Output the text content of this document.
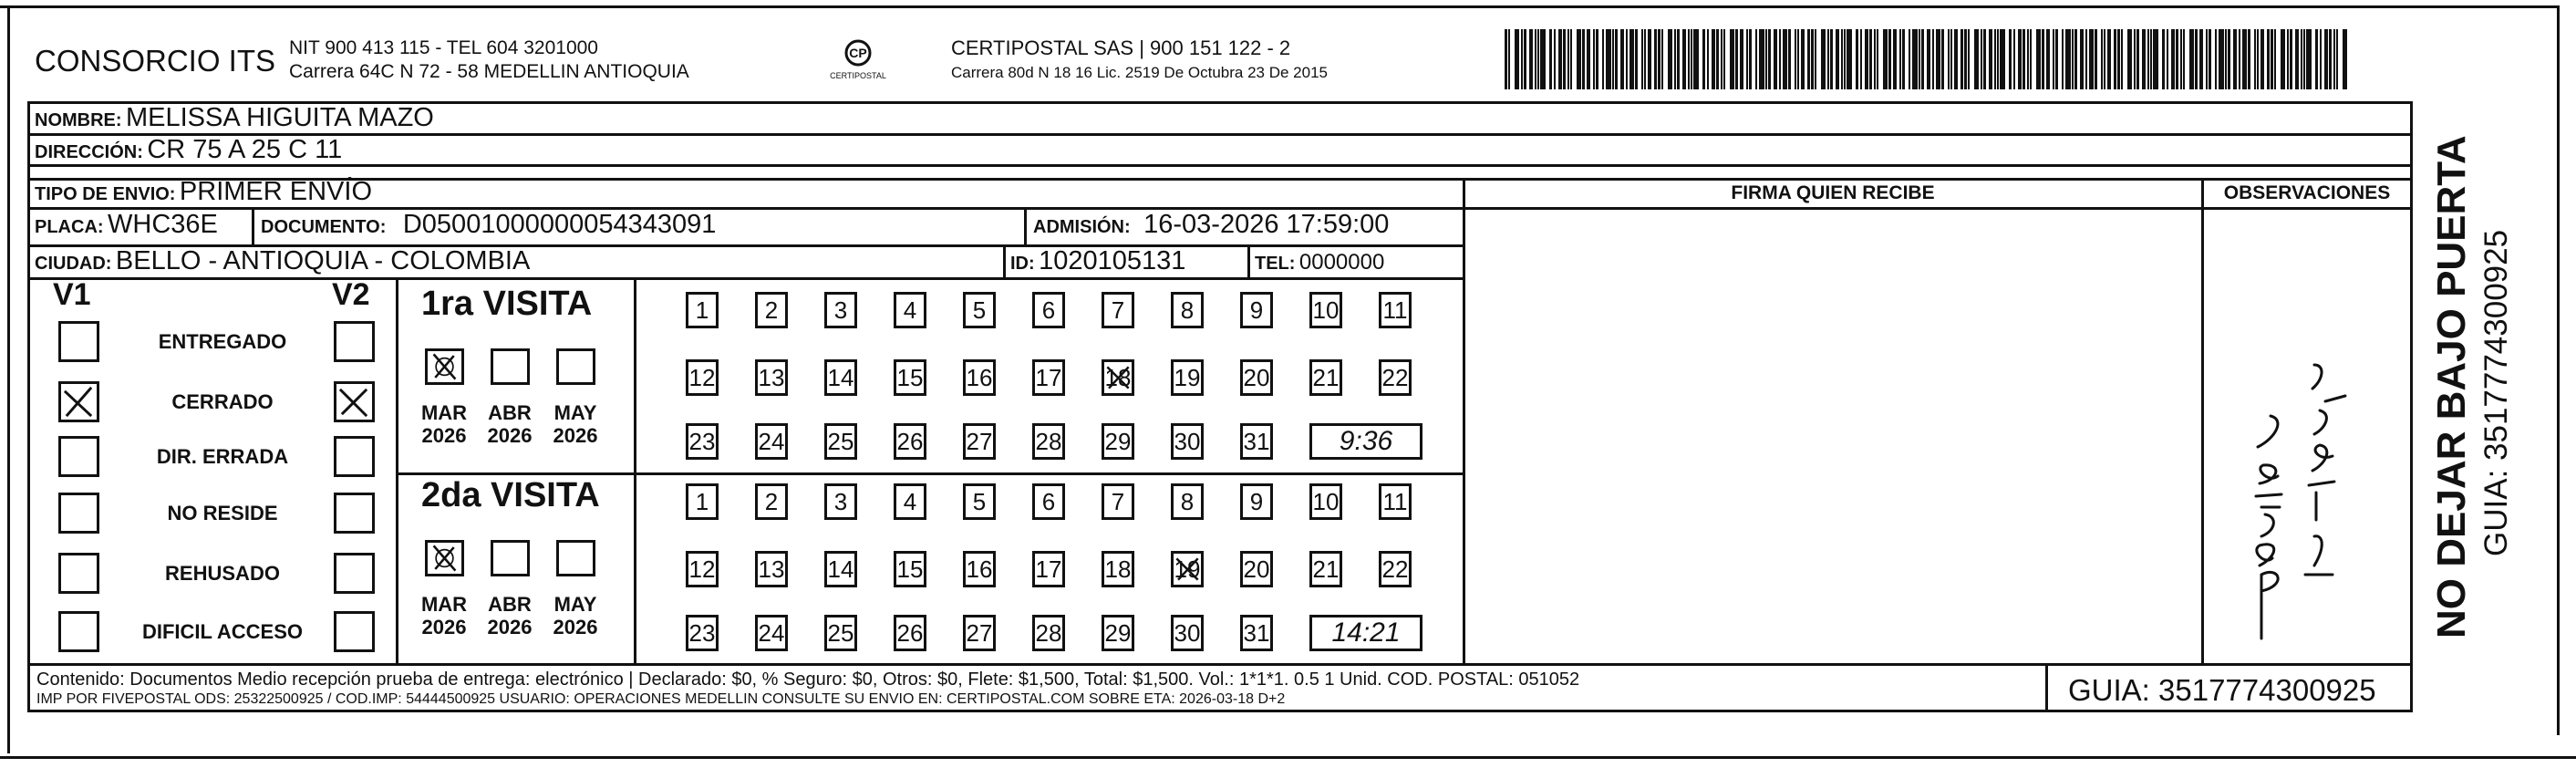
CONSORCIO ITS NIT 900 413 115 - TEL 604 3201000
Carrera 64C N 72 - 58 MEDELLIN ANTIOQUIA
CP
CERTIPOSTAL
CERTIPOSTAL SAS | 900 151 122 - 2
Carrera 80d N 18 16 Lic. 2519 De Octubra 23 De 2015
NOMBRE: MELISSA HIGUITA MAZO
DIRECCIÓN: CR 75 A 25 C 11
TIPO DE ENVIO: PRIMER ENVÍO	FIRMA QUIEN RECIBE	OBSERVACIONES
PLACA: WHC36E DOCUMENTO: D05001000000054343091	ADMISIÓN: 16-03-2026 17:59:00
CIUDAD: BELLO - ANTIOQUIA - COLOMBIA	ID: 1020105131	TEL: 0000000
V1	V2
ENTREGADO
CERRADO
DIR. ERRADA
NO RESIDE
REHUSADO
DIFICIL ACCESO
1ra VISITA
2da VISITA
MAR
2026
ABR
2026
MAY
2026
1	2	3	4	5	6	7	8	9	10 11
12 13 14 15 16 17 18 19 20 21 22
23 24 25 26 27 28 29 30 31	9:36
MAR
2026
ABR
2026
MAY
2026
1	2	3	4	5	6	7	8	9	10 11
12 13 14 15 16 17 18 19 20 21 22
23 24 25 26 27 28 29 30 31	14:21	NO DEJAR BAJO PUERTA GUIA: 3517774300925
Contenido: Documentos Medio recepción prueba de entrega: electrónico | Declarado: $0, % Seguro: $0, Otros: $0, Flete: $1,500, Total: $1,500. Vol.: 1*1*1. 0.5 1 Unid. COD. POSTAL: 051052
IMP POR FIVEPOSTAL ODS: 25322500925 / COD.IMP: 54444500925 USUARIO: OPERACIONES MEDELLIN CONSULTE SU ENVIO EN: CERTIPOSTAL.COM SOBRE ETA: 2026-03-18 D+2	GUIA: 3517774300925
